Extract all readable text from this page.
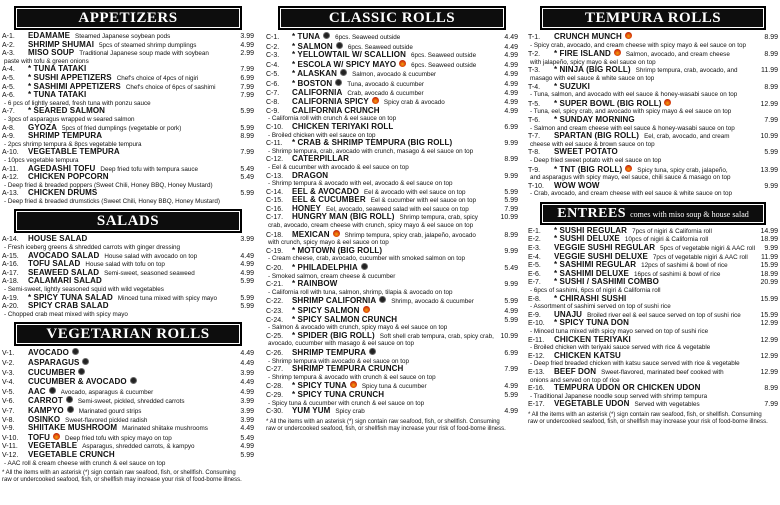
APPETIZERS
A-1.	EDAMAME Steamed Japanese soybean pods	3.99
A-2.	SHRIMP SHUMAI 5pcs of steamed shrimp dumplings	4.99
A-3.	MISO SOUP Traditional Japanese soup made with soybean	2.99
paste with tofu & green onions
A-4.	* TUNA TATAKI	7.99
A-5.	* SUSHI APPETIZERS Chef's choice of 4pcs of nigiri	6.99
A-5.	* SASHIMI APPETIZERS Chef's choice of 6pcs of sashimi	7.99
A-6.	* TUNA TATAKI	7.99
- 6 pcs of lightly seared, fresh tuna with ponzu sauce
A-7.	* SEARED SALMON	5.99
- 3pcs of asparagus wrapped w seared salmon
A-8.	GYOZA 5pcs of fried dumplings (vegetable or pork)	5.99
A-9.	SHRIMP TEMPURA	8.99
- 2pcs shrimp tempura & 8pcs vegetable tempura
A-10.	VEGETABLE TEMPURA	7.99
- 10pcs vegetable tempura
A-11.	AGEDASHI TOFU Deep fried tofu with tempura sauce	5.49
A-12.	CHICKEN POPCORN	5.49
- Deep fried & breaded poppers (Sweet Chili, Honey BBQ, Honey Mustard)
A-13.	CHICKEN DRUMS	5.99
- Deep fried & breaded drumsticks (Sweet Chili, Honey BBQ, Honey Mustard)
SALADS
A-14.	HOUSE SALAD	3.99
- Fresh iceberg greens & shredded carrots with ginger dressing
A-15.	AVOCADO SALAD House salad with avocado on top	4.49
A-16.	TOFU SALAD House salad with tofu on top	4.99
A-17.	SEAWEED SALAD Semi-sweet, seasoned seaweed	4.99
A-18.	CALAMARI SALAD	5.99
- Semi-sweet, lightly seasoned squid with wild vegetables
A-19.	* SPICY TUNA SALAD Minced tuna mixed with spicy mayo	5.99
A-20.	SPICY CRAB SALAD	5.99
- Chopped crab meat mixed with spicy mayo
VEGETARIAN ROLLS
V-1.	AVOCADO	4.49
V-2.	ASPARAGUS	4.49
V-3.	CUCUMBER	3.99
V-4.	CUCUMBER & AVOCADO	4.49
V-5.	AAC Avocado, asparagus & cucumber	4.99
V-6.	CARROT Semi-sweet, pickled, shredded carrots	3.99
V-7.	KAMPYO Marinated gourd strips	3.99
V-8.	OSINKO Sweet-flavored pickled radish	3.99
V-9.	SHIITAKE MUSHROOM Marinated shiitake mushrooms	4.49
V-10.	TOFU Deep fried tofu with spicy mayo on top	5.49
V-11.	VEGETABLE Asparagus, shredded carrots, & kampyo	4.99
V-12.	VEGETABLE CRUNCH	5.99
- AAC roll & cream cheese with crunch & eel sauce on top
* All the items with an asterisk (*) sign contain raw seafood, fish, or shellfish. Consuming raw or undercooked seafood, fish, or shellfish may increase your risk of food-borne illness.
CLASSIC ROLLS
C-1.	* TUNA 6pcs. Seaweed outside	4.49
C-2.	* SALMON 6pcs. Seaweed outside	4.49
C-3.	* YELLOWTAIL W/ SCALLION 6pcs. Seaweed outside	4.99
C-4.	* ESCOLA W/ SPICY MAYO 6pcs. Seaweed outside	4.99
C-5.	* ALASKAN Salmon, avocado & cucumber	4.99
C-6.	* BOSTON Tuna, avocado & cucumber	4.99
C-7.	CALIFORNIA Crab, avocado & cucumber	4.99
C-8.	CALIFORNIA SPICY Spicy crab & avocado	4.99
C-9.	CALIFORNIA CRUNCH	4.99
- California roll with crunch & eel sauce on top
C-10.	CHICKEN TERIYAKI ROLL	6.99
- Broiled chicken with eel sauce on top
C-11.	* CRAB & SHRIMP TEMPURA (BIG ROLL)	9.99
- Shrimp tempura, crab, avocado with crunch, masago & eel sauce on top
C-12.	CATERPILLAR	8.99
- Eel & cucumber with avocado & eel sauce on top
C-13.	DRAGON	9.99
- Shrimp tempura & avocado with eel, avocado & eel sauce on top
C-14.	EEL & AVOCADO Eel & avocado with eel sauce on top	5.99
C-15.	EEL & CUCUMBER Eel & cucumber with eel sauce on top	5.99
C-16.	HONEY Eel, avocado, seaweed salad with eel sauce on top	7.99
C-17.	HUNGRY MAN (BIG ROLL) Shrimp tempura, crab, spicy	10.99
crab, avocado, cream cheese with crunch, spicy mayo & eel sauce on top
C-18.	MEXICAN Shrimp tempura, spicy crab, jalapeño, avocado	8.99
with crunch, spicy mayo & eel sauce on top
C-19.	* MOTOWN (BIG ROLL)	9.99
- Cream cheese, crab, avocado, cucumber with smoked salmon on top
C-20.	* PHILADELPHIA	5.49
- Smoked salmon, cream cheese & cucumber
C-21.	* RAINBOW	9.99
- California roll with tuna, salmon, shrimp, tilapia & avocado on top
C-22.	SHRIMP CALIFORNIA Shrimp, avocado & cucumber	5.99
C-23.	* SPICY SALMON	4.99
C-24.	* SPICY SALMON CRUNCH	5.99
- Salmon & avocado with crunch, spicy mayo & eel sauce on top
C-25.	* SPIDER (BIG ROLL) Soft shell crab tempura, crab, spicy crab, 10.99
avocado, cucumber with masago & eel sauce on top
C-26.	SHRIMP TEMPURA	6.99
- Shrimp tempura with avocado & eel sauce on top
C-27.	SHRIMP TEMPURA CRUNCH	7.99
- Shrimp tempura & avocado with crunch & eel sauce on top
C-28.	* SPICY TUNA Spicy tuna & cucumber	4.99
C-29.	* SPICY TUNA CRUNCH	5.99
- Spicy tuna & cucumber with crunch & eel sauce on top
C-30.	YUM YUM Spicy crab	4.99
* All the items with an asterisk (*) sign contain raw seafood, fish, or shellfish. Consuming raw or undercooked seafood, fish, or shellfish may increase your risk of food-borne illness.
TEMPURA ROLLS
T-1.	CRUNCH MUNCH	8.99
- Spicy crab, avocado, and cream cheese with spicy mayo & eel sauce on top
T-2.	* FIRE ISLAND Salmon, avocado, and cream cheese	8.99
with jalapeño, spicy mayo & eel sauce on top
T-3.	* NINJA (BIG ROLL) Shrimp tempura, crab, avocado, and	11.99
masago with eel sauce & white sauce on top
T-4.	* SUZUKI	8.99
- Tuna, salmon, and avocado with eel sauce & honey-wasabi sauce on top
T-5.	* SUPER BOWL (BIG ROLL)	12.99
- Tuna, eel, spicy crab, and avocado with spicy mayo & eel sauce on top
T-6.	* SUNDAY MORNING	7.99
- Salmon and cream cheese with eel sauce & honey-wasabi sauce on top
T-7.	SPARTAN (BIG ROLL) Eel, crab, avocado, and cream	10.99
cheese with eel sauce & brown sauce on top
T-8.	SWEET POTATO	5.99
- Deep fried sweet potato with eel sauce on top
T-9.	* TNT (BIG ROLL) Spicy tuna, spicy crab, jalapeño,	13.99
and asparagus with spicy mayo, eel sauce, chili sauce & masago on top
T-10.	WOW WOW	9.99
- Crab, avocado, and cream cheese with eel sauce & white sauce on top
ENTREES comes with miso soup & house salad
E-1.	* SUSHI REGULAR 7pcs of nigiri & California roll	14.99
E-2.	* SUSHI DELUXE 10pcs of nigiri & California roll	18.99
E-3.	VEGGIE SUSHI REGULAR 5pcs of vegetable nigiri & AAC roll	9.99
E-4.	VEGGIE SUSHI DELUXE 7pcs of vegetable nigiri & AAC roll	11.99
E-5.	* SASHIMI REGULAR 12pcs of sashimi & bowl of rice	15.99
E-6.	* SASHIMI DELUXE 16pcs of sashimi & bowl of rice	18.99
E-7.	* SUSHI / SASHIMI COMBO	20.99
- 6pcs of sashimi, 6pcs of nigiri & California roll
E-8.	* CHIRASHI SUSHI	15.99
- Assortment of sashimi served on top of sushi rice
E-9.	UNAJU Broiled river eel & eel sauce served on top of sushi rice	15.99
E-10.	* SPICY TUNA DON	12.99
- Minced tuna mixed with spicy mayo served on top of sushi rice
E-11.	CHICKEN TERIYAKI	12.99
- Broiled chicken with teriyaki sauce served with rice & vegetable
E-12.	CHICKEN KATSU	12.99
- Deep fried breaded chicken with katsu sauce served with rice & vegetable
E-13.	BEEF DON Sweet-flavored, marinated beef cooked with	12.99
onions and served on top of rice
E-16.	TEMPURA UDON OR CHICKEN UDON	8.99
- Traditional Japanese noodle soup served with shrimp tempura
E-17.	VEGETABLE UDON Served with vegetables	7.99
* All the items with an asterisk (*) sign contain raw seafood, fish, or shellfish. Consuming raw or undercooked seafood, fish, or shellfish may increase your risk of food-borne illness.
